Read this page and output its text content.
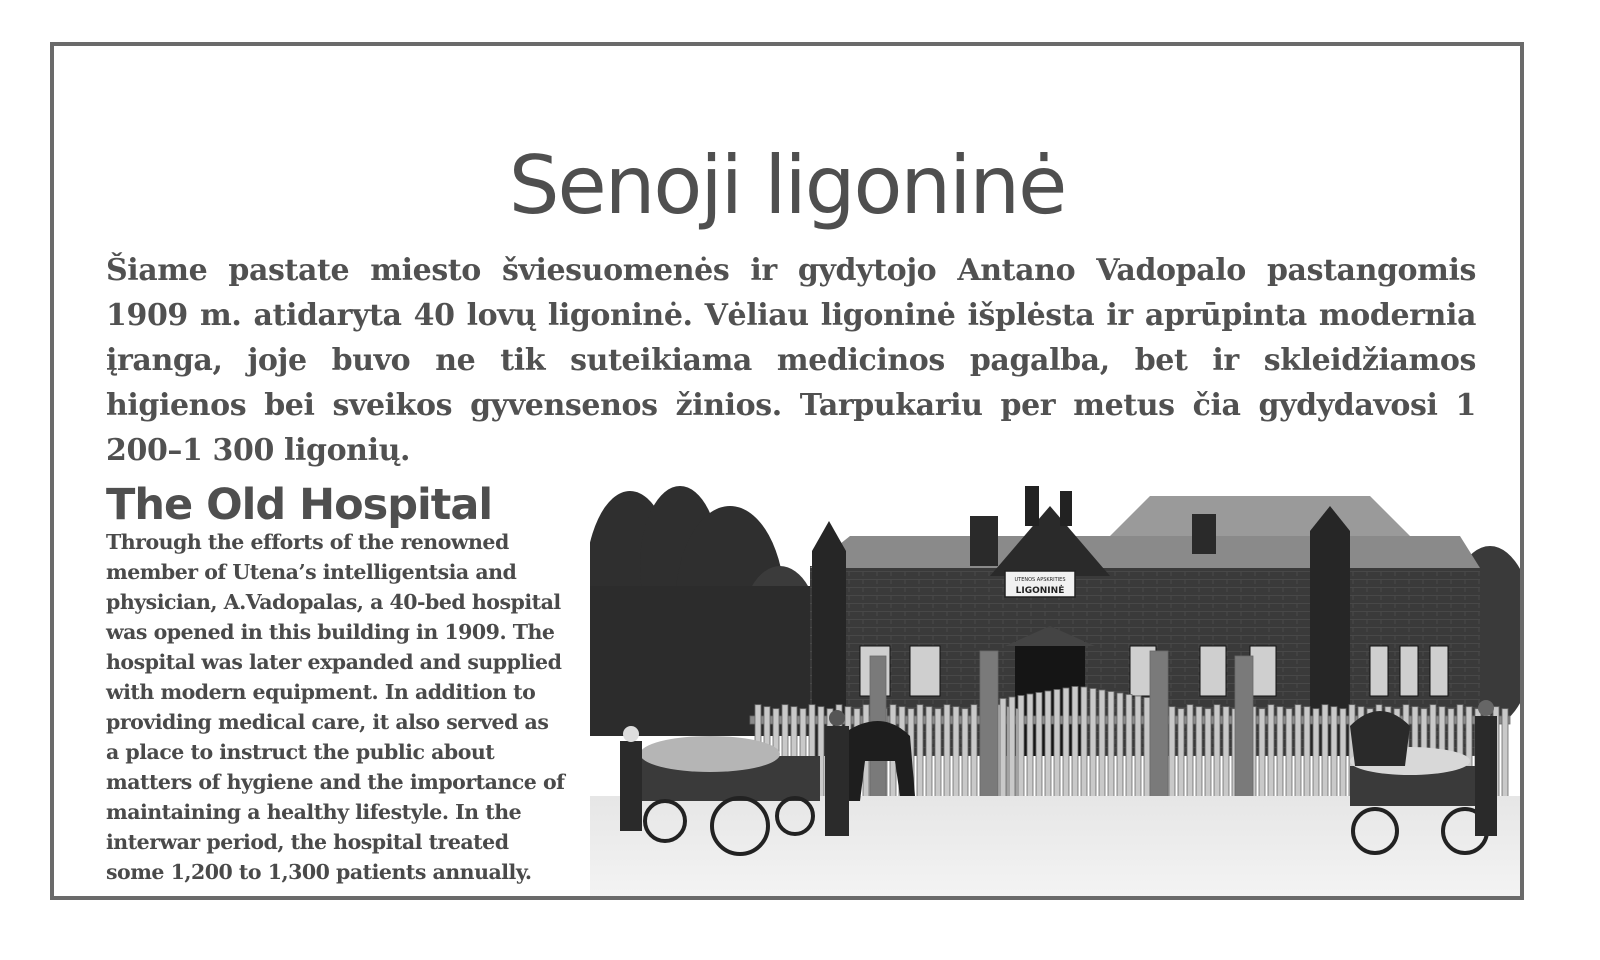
Senoji ligoninė

Šiame pastate miesto šviesuomenės ir gydytojo Antano Vadopalo pastangomis 1909 m. atidaryta 40 lovų ligoninė. Vėliau ligoninė išplėsta ir aprūpinta modernia įranga, joje buvo ne tik suteikiama medicinos pagalba, bet ir skleidžiamos higienos bei sveikos gyvensenos žinios. Tarpukariu per metus čia gydydavosi 1 200–1 300 ligonių.

The Old Hospital

Through the efforts of the renowned member of Utena’s intelligentsia and physician, A.Vadopalas, a 40-bed hospital was opened in this building in 1909. The hospital was later expanded and supplied with modern equipment. In addition to providing medical care, it also served as a place to instruct the public about matters of hygiene and the importance of maintaining a healthy lifestyle. In the interwar period, the hospital treated some 1,200 to 1,300 patients annually.

UTENOS APSKRITIES
LIGONINĖ
